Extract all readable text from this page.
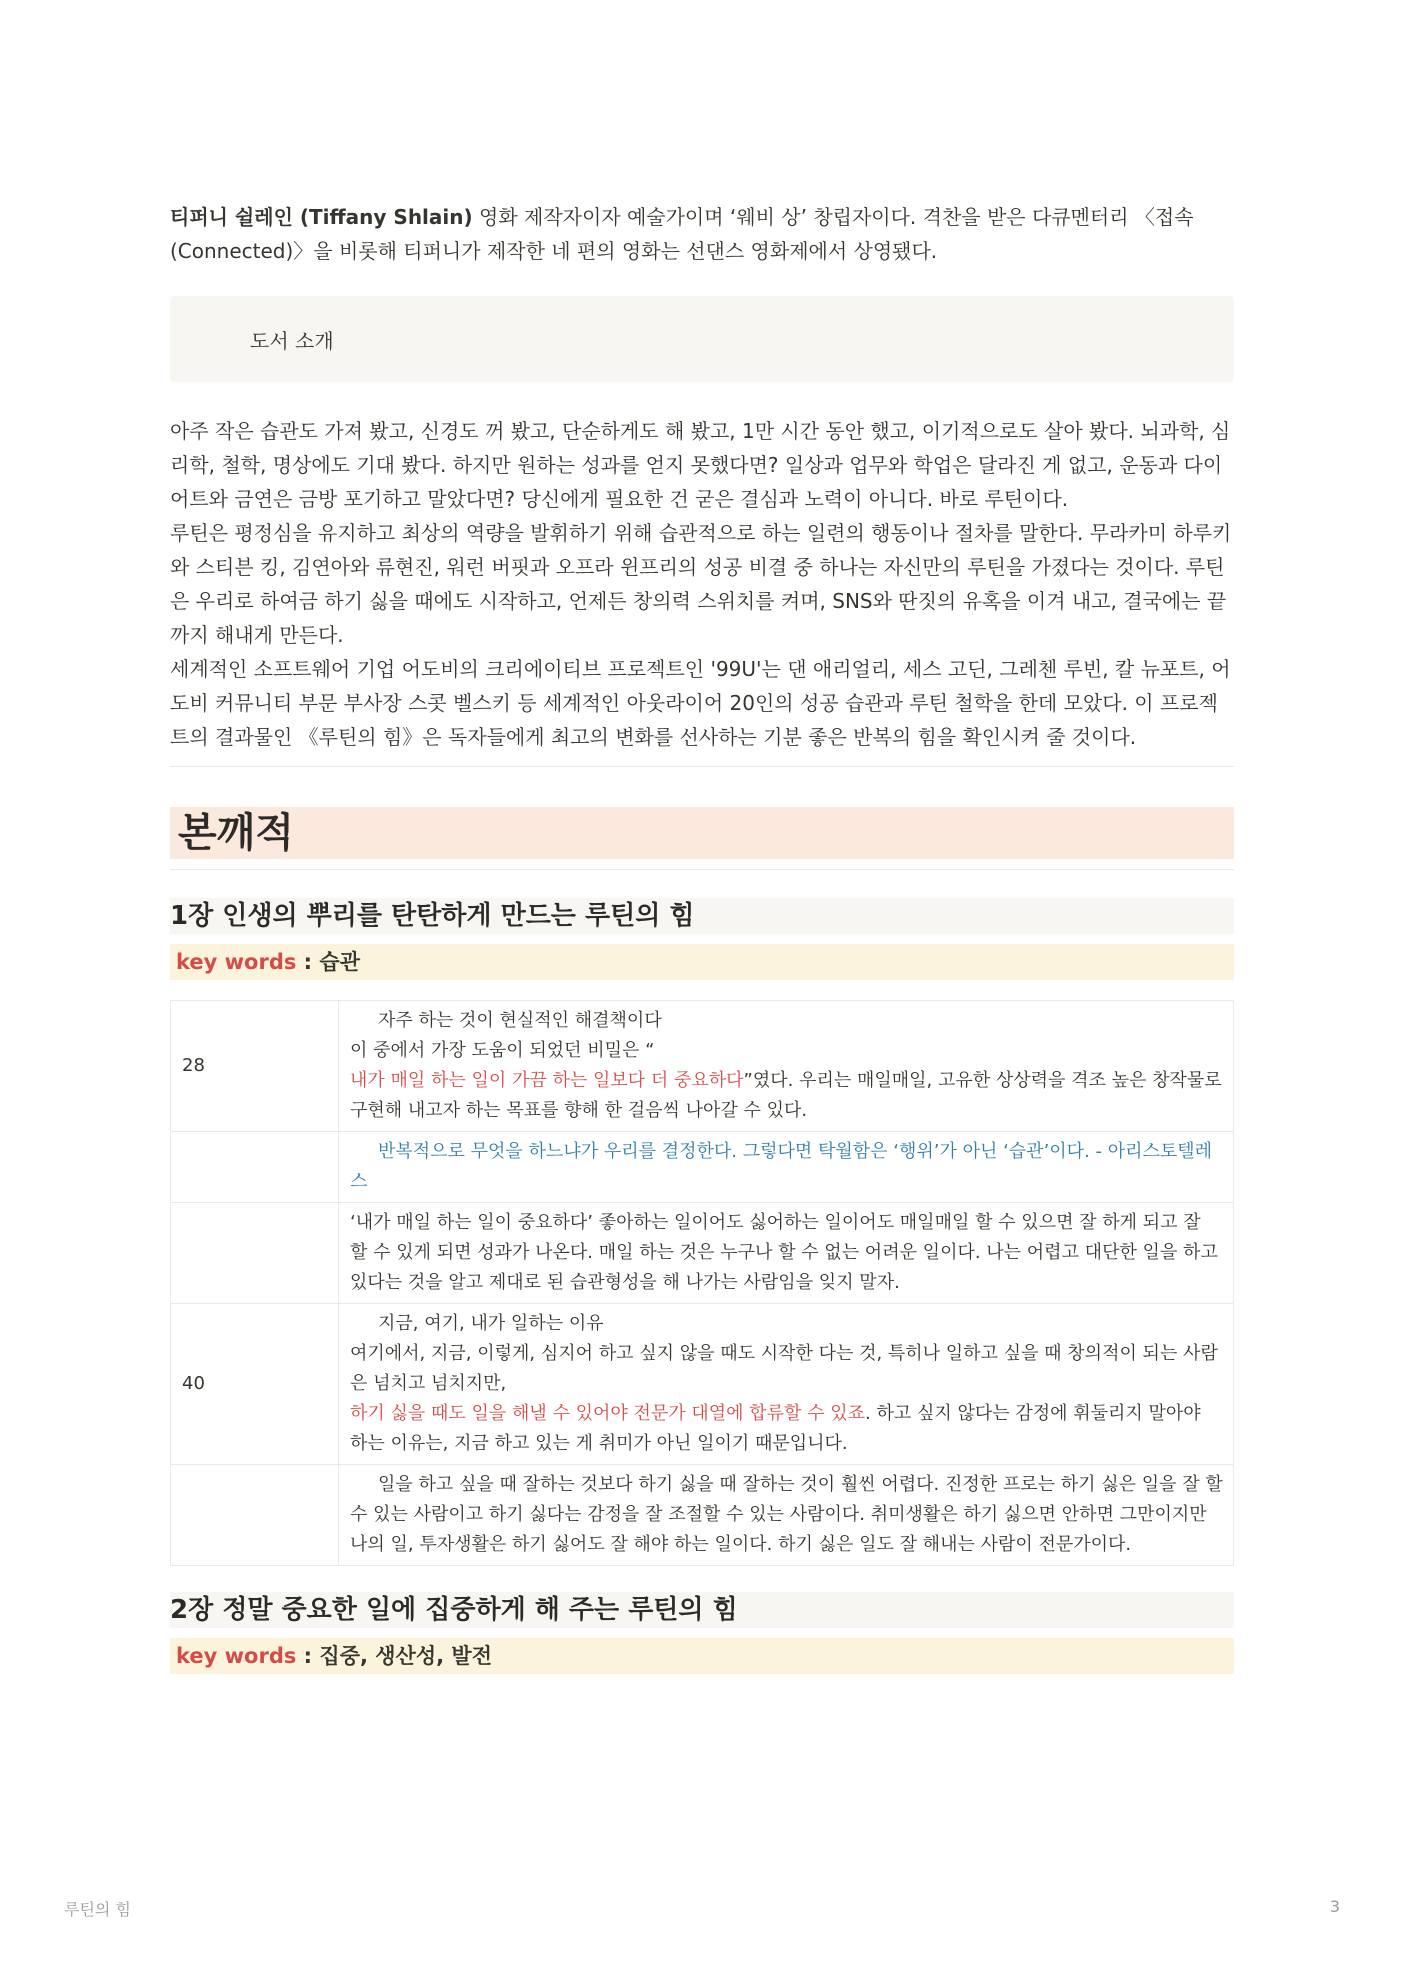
티퍼니 쉴레인 (Tiffany Shlain) 영화 제작자이자 예술가이며 ‘웨비 상’ 창립자이다. 격찬을 받은 다큐멘터리 〈접속(Connected)〉을 비롯해 티퍼니가 제작한 네 편의 영화는 선댄스 영화제에서 상영됐다.

도서 소개

아주 작은 습관도 가져 봤고, 신경도 꺼 봤고, 단순하게도 해 봤고, 1만 시간 동안 했고, 이기적으로도 살아 봤다. 뇌과학, 심리학, 철학, 명상에도 기대 봤다. 하지만 원하는 성과를 얻지 못했다면? 일상과 업무와 학업은 달라진 게 없고, 운동과 다이어트와 금연은 금방 포기하고 말았다면? 당신에게 필요한 건 굳은 결심과 노력이 아니다. 바로 루틴이다.

루틴은 평정심을 유지하고 최상의 역량을 발휘하기 위해 습관적으로 하는 일련의 행동이나 절차를 말한다. 무라카미 하루키와 스티븐 킹, 김연아와 류현진, 워런 버핏과 오프라 윈프리의 성공 비결 중 하나는 자신만의 루틴을 가졌다는 것이다. 루틴은 우리로 하여금 하기 싫을 때에도 시작하고, 언제든 창의력 스위치를 켜며, SNS와 딴짓의 유혹을 이겨 내고, 결국에는 끝까지 해내게 만든다.

세계적인 소프트웨어 기업 어도비의 크리에이티브 프로젝트인 '99U'는 댄 애리얼리, 세스 고딘, 그레첸 루빈, 칼 뉴포트, 어도비 커뮤니티 부문 부사장 스콧 벨스키 등 세계적인 아웃라이어 20인의 성공 습관과 루틴 철학을 한데 모았다. 이 프로젝트의 결과물인 《루틴의 힘》은 독자들에게 최고의 변화를 선사하는 기분 좋은 반복의 힘을 확인시켜 줄 것이다.

본깨적
1장 인생의 뿌리를 탄탄하게 만드는 루틴의 힘
key words : 습관
28	자주 하는 것이 현실적인 해결책이다
이 중에서 가장 도움이 되었던 비밀은 “
내가 매일 하는 일이 가끔 하는 일보다 더 중요하다”였다. 우리는 매일매일, 고유한 상상력을 격조 높은 창작물로 구현해 내고자 하는 목표를 향해 한 걸음씩 나아갈 수 있다.

	반복적으로 무엇을 하느냐가 우리를 결정한다. 그렇다면 탁월함은 ‘행위’가 아닌 ‘습관’이다. - 아리스토텔레스

	‘내가 매일 하는 일이 중요하다’ 좋아하는 일이어도 싫어하는 일이어도 매일매일 할 수 있으면 잘 하게 되고 잘 할 수 있게 되면 성과가 나온다. 매일 하는 것은 누구나 할 수 없는 어려운 일이다. 나는 어렵고 대단한 일을 하고 있다는 것을 알고 제대로 된 습관형성을 해 나가는 사람임을 잊지 말자.

40	지금, 여기, 내가 일하는 이유
여기에서, 지금, 이렇게, 심지어 하고 싶지 않을 때도 시작한 다는 것, 특히나 일하고 싶을 때 창의적이 되는 사람은 넘치고 넘치지만,
하기 싫을 때도 일을 해낼 수 있어야 전문가 대열에 합류할 수 있죠. 하고 싶지 않다는 감정에 휘둘리지 말아야 하는 이유는, 지금 하고 있는 게 취미가 아닌 일이기 때문입니다.

	일을 하고 싶을 때 잘하는 것보다 하기 싫을 때 잘하는 것이 훨씬 어렵다. 진정한 프로는 하기 싫은 일을 잘 할 수 있는 사람이고 하기 싫다는 감정을 잘 조절할 수 있는 사람이다. 취미생활은 하기 싫으면 안하면 그만이지만 나의 일, 투자생활은 하기 싫어도 잘 해야 하는 일이다. 하기 싫은 일도 잘 해내는 사람이 전문가이다.
2장 정말 중요한 일에 집중하게 해 주는 루틴의 힘
key words : 집중, 생산성, 발전
루틴의 힘	3
